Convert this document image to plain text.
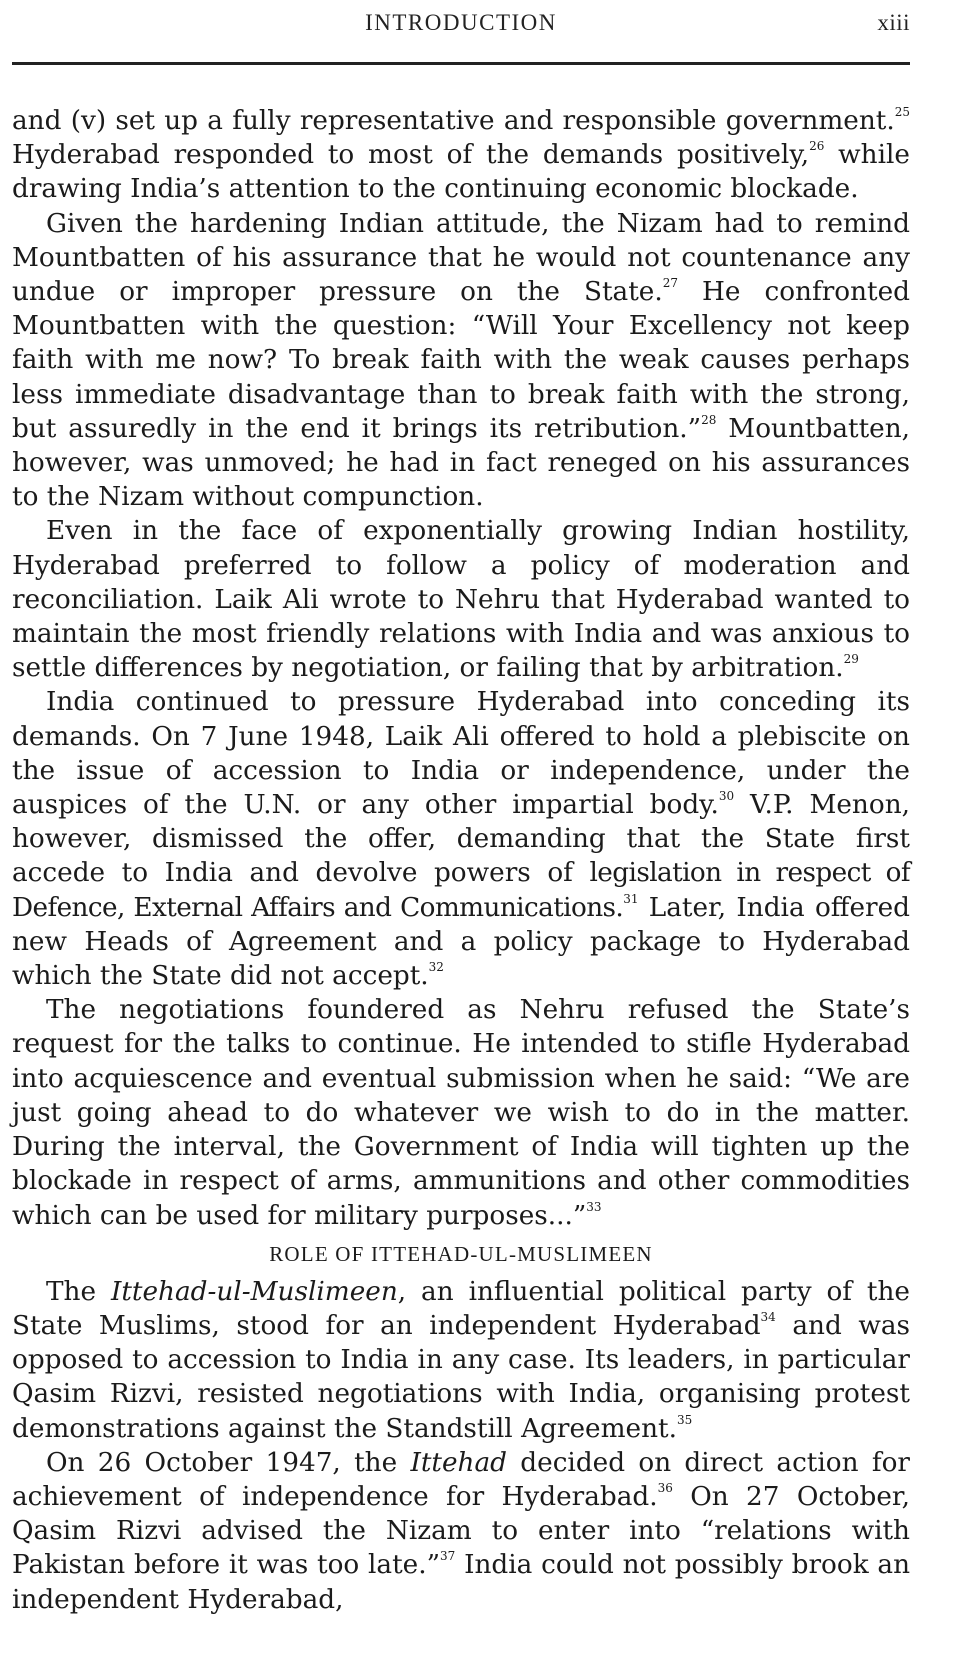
INTRODUCTION	xiii

and (v) set up a fully representative and responsible government.$^{25}$ Hyderabad responded to most of the demands positively,$^{26}$ while drawing India’s attention to the continuing economic blockade.

Given the hardening Indian attitude, the Nizam had to remind Mountbatten of his assurance that he would not countenance any undue or improper pressure on the State.$^{27}$ He confronted Mountbatten with the question: “Will Your Excellency not keep faith with me now? To break faith with the weak causes perhaps less immediate disadvantage than to break faith with the strong, but assuredly in the end it brings its retribution.”$^{28}$ Mountbatten, however, was unmoved; he had in fact reneged on his assurances to the Nizam without compunction.

Even in the face of exponentially growing Indian hostility, Hyderabad preferred to follow a policy of moderation and reconciliation. Laik Ali wrote to Nehru that Hyderabad wanted to maintain the most friendly relations with India and was anxious to settle differences by negotiation, or failing that by arbitration.$^{29}$

India continued to pressure Hyderabad into conceding its demands. On 7 June 1948, Laik Ali offered to hold a plebiscite on the issue of accession to India or independence, under the auspices of the U.N. or any other impartial body.$^{30}$ V.P. Menon, however, dismissed the offer, demanding that the State first accede to India and devolve powers of legislation in respect of Defence, External Affairs and Communications.$^{31}$ Later, India offered new Heads of Agreement and a policy package to Hyderabad which the State did not accept.$^{32}$

The negotiations foundered as Nehru refused the State’s request for the talks to continue. He intended to stifle Hyderabad into acquiescence and eventual submission when he said: “We are just going ahead to do whatever we wish to do in the matter. During the interval, the Government of India will tighten up the blockade in respect of arms, ammunitions and other commodities which can be used for military purposes...”$^{33}$

ROLE OF ITTEHAD-UL-MUSLIMEEN

The Ittehad-ul-Muslimeen, an influential political party of the State Muslims, stood for an independent Hyderabad$^{34}$ and was opposed to accession to India in any case. Its leaders, in particular Qasim Rizvi, resisted negotiations with India, organising protest demonstrations against the Standstill Agreement.$^{35}$

On 26 October 1947, the Ittehad decided on direct action for achievement of independence for Hyderabad.$^{36}$ On 27 October, Qasim Rizvi advised the Nizam to enter into “relations with Pakistan before it was too late.”$^{37}$ India could not possibly brook an independent Hyderabad,
